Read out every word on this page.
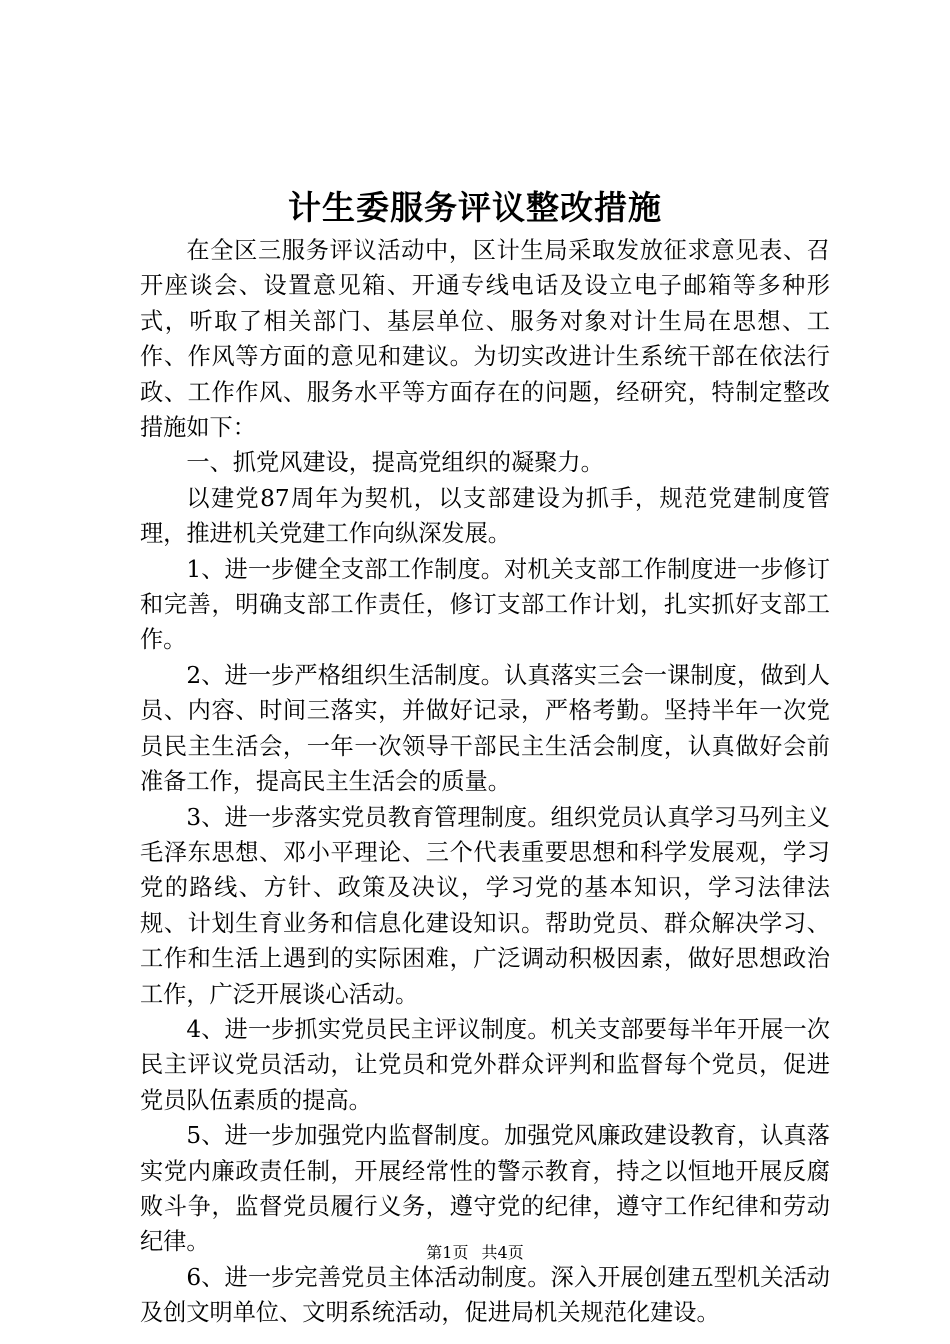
计生委服务评议整改措施

在全区三服务评议活动中，区计生局采取发放征求意见表、召开座谈会、设置意见箱、开通专线电话及设立电子邮箱等多种形式，听取了相关部门、基层单位、服务对象对计生局在思想、工作、作风等方面的意见和建议。为切实改进计生系统干部在依法行政、工作作风、服务水平等方面存在的问题，经研究，特制定整改措施如下：

一、抓党风建设，提高党组织的凝聚力。

以建党87周年为契机，以支部建设为抓手，规范党建制度管理，推进机关党建工作向纵深发展。

1、进一步健全支部工作制度。对机关支部工作制度进一步修订和完善，明确支部工作责任，修订支部工作计划，扎实抓好支部工作。

2、进一步严格组织生活制度。认真落实三会一课制度，做到人员、内容、时间三落实，并做好记录，严格考勤。坚持半年一次党员民主生活会，一年一次领导干部民主生活会制度，认真做好会前准备工作，提高民主生活会的质量。

3、进一步落实党员教育管理制度。组织党员认真学习马列主义毛泽东思想、邓小平理论、三个代表重要思想和科学发展观，学习党的路线、方针、政策及决议，学习党的基本知识，学习法律法规、计划生育业务和信息化建设知识。帮助党员、群众解决学习、工作和生活上遇到的实际困难，广泛调动积极因素，做好思想政治工作，广泛开展谈心活动。

4、进一步抓实党员民主评议制度。机关支部要每半年开展一次民主评议党员活动，让党员和党外群众评判和监督每个党员，促进党员队伍素质的提高。

5、进一步加强党内监督制度。加强党风廉政建设教育，认真落实党内廉政责任制，开展经常性的警示教育，持之以恒地开展反腐败斗争，监督党员履行义务，遵守党的纪律，遵守工作纪律和劳动纪律。

6、进一步完善党员主体活动制度。深入开展创建五型机关活动及创文明单位、文明系统活动，促进局机关规范化建设。

第1页 共4页
